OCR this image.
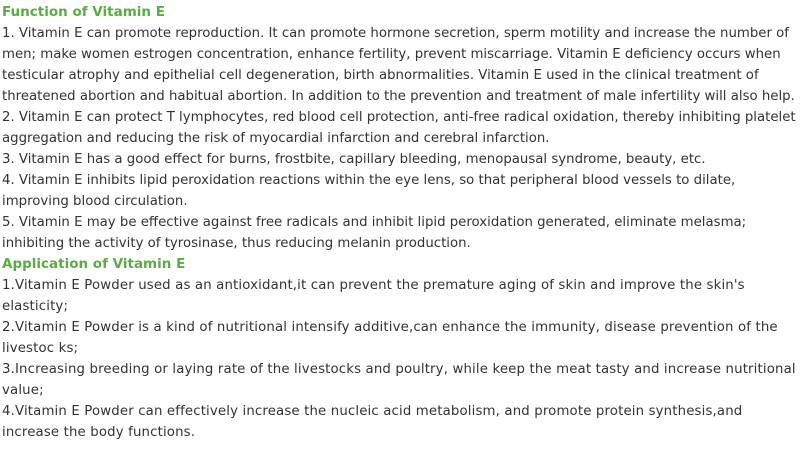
Function of Vitamin E

1. Vitamin E can promote reproduction. It can promote hormone secretion, sperm motility and increase the number of men; make women estrogen concentration, enhance fertility, prevent miscarriage. Vitamin E deficiency occurs when testicular atrophy and epithelial cell degeneration, birth abnormalities. Vitamin E used in the clinical treatment of threatened abortion and habitual abortion. In addition to the prevention and treatment of male infertility will also help.

2. Vitamin E can protect T lymphocytes, red blood cell protection, anti-free radical oxidation, thereby inhibiting platelet aggregation and reducing the risk of myocardial infarction and cerebral infarction.

3. Vitamin E has a good effect for burns, frostbite, capillary bleeding, menopausal syndrome, beauty, etc.

4. Vitamin E inhibits lipid peroxidation reactions within the eye lens, so that peripheral blood vessels to dilate, improving blood circulation.

5. Vitamin E may be effective against free radicals and inhibit lipid peroxidation generated, eliminate melasma; inhibiting the activity of tyrosinase, thus reducing melanin production.

Application of Vitamin E

1.Vitamin E Powder used as an antioxidant,it can prevent the premature aging of skin and improve the skin's elasticity;

2.Vitamin E Powder is a kind of nutritional intensify additive,can enhance the immunity, disease prevention of the livestoc ks;

3.Increasing breeding or laying rate of the livestocks and poultry, while keep the meat tasty and increase nutritional value;

4.Vitamin E Powder can effectively increase the nucleic acid metabolism, and promote protein synthesis,and increase the body functions.
